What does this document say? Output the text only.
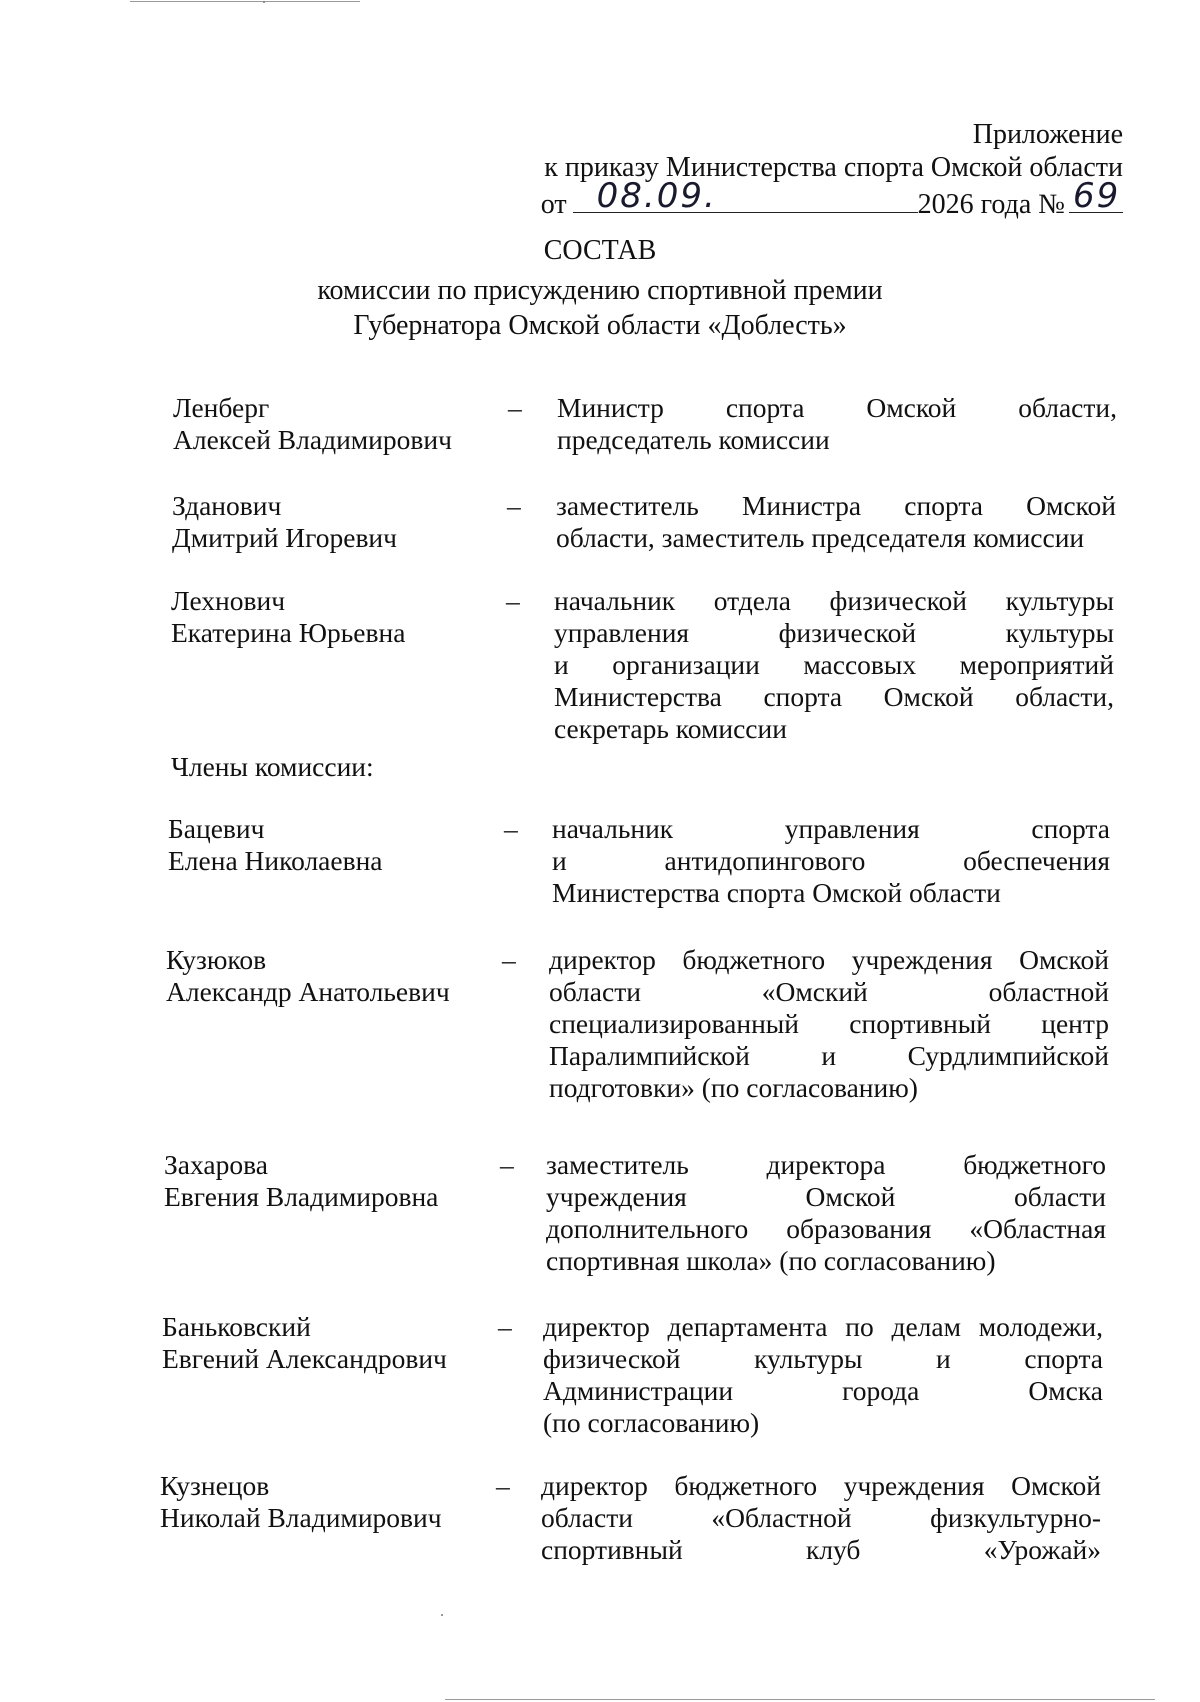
Приложение
к приказу Министерства спорта Омской области
от 08.09.	2026 года № 69
СОСТАВ
комиссии по присуждению спортивной премии
Губернатора Омской области «Доблесть»
Ленберг
Алексей Владимирович
– Министр спорта Омской области,
председатель комиссии
Зданович
Дмитрий Игоревич
– заместитель Министра спорта Омской
области, заместитель председателя комиссии
Лехнович
Екатерина Юрьевна
– начальник отдела физической культуры
управления физической культуры
и организации массовых мероприятий
Министерства спорта Омской области,
секретарь комиссии
Члены комиссии:
Бацевич
Елена Николаевна
– начальник управления спорта
и антидопингового обеспечения
Министерства спорта Омской области
Кузюков
Александр Анатольевич
– директор бюджетного учреждения Омской
области «Омский областной
специализированный спортивный центр
Паралимпийской и Сурдлимпийской
подготовки» (по согласованию)
Захарова
Евгения Владимировна
– заместитель директора бюджетного
учреждения Омской области
дополнительного образования «Областная
спортивная школа» (по согласованию)
Баньковский
Евгений Александрович
– директор департамента по делам молодежи,
физической культуры и спорта
Администрации города Омска
(по согласованию)
Кузнецов
Николай Владимирович
– директор бюджетного учреждения Омской
области «Областной физкультурно-
спортивный клуб «Урожай»
